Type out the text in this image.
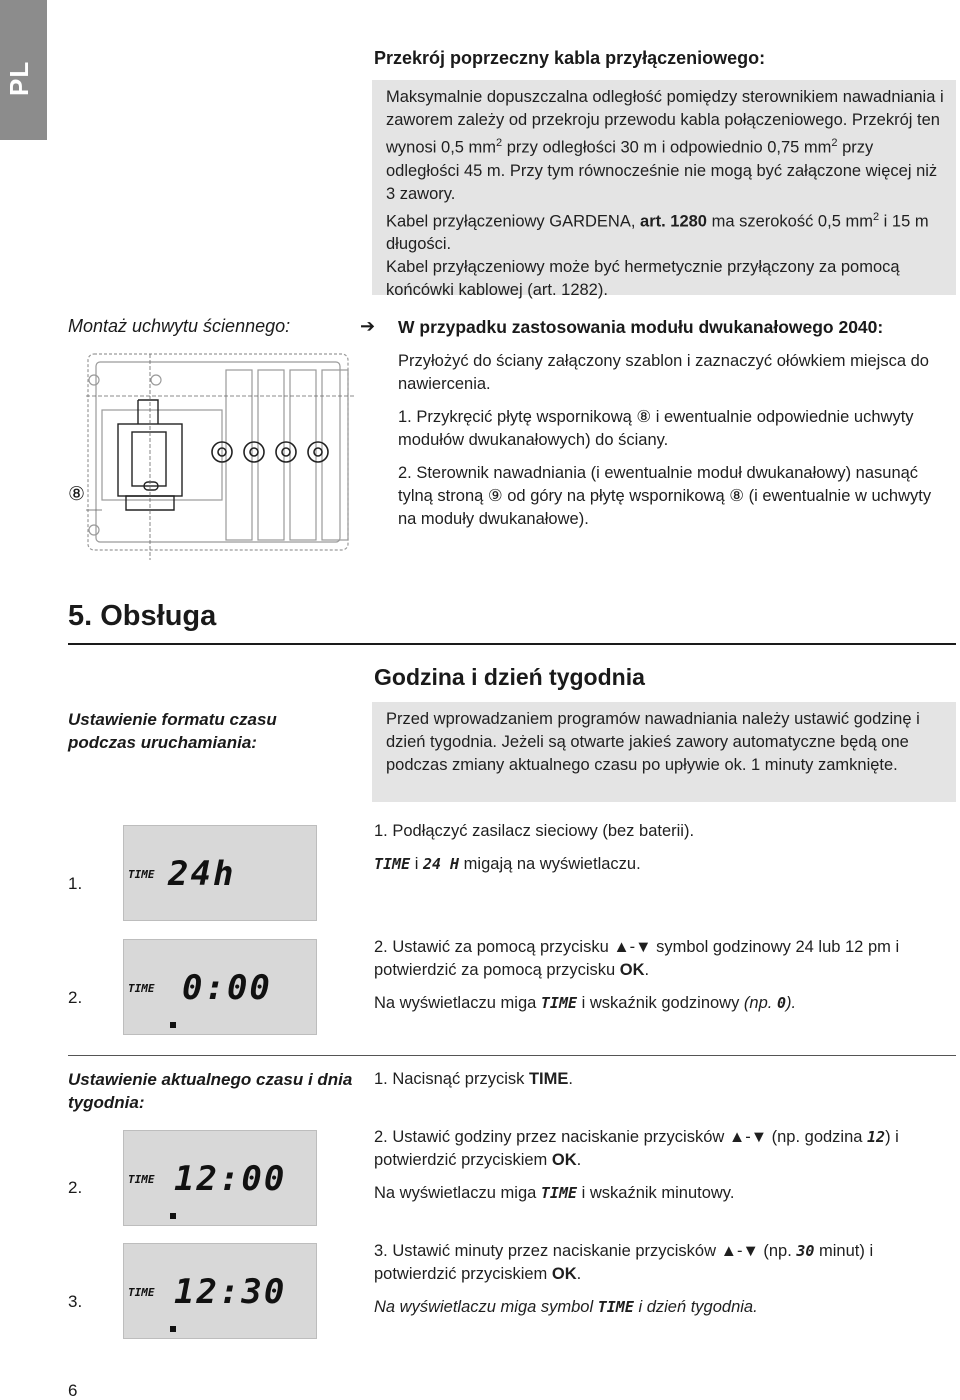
PL
Przekrój poprzeczny kabla przyłączeniowego:

Maksymalnie dopuszczalna odległość pomiędzy sterownikiem nawadniania i zaworem zależy od przekroju przewodu kabla połączeniowego. Przekrój ten wynosi 0,5 $mm^2$ przy odległości 30 m i odpowiednio 0,75 $mm^2$ przy odległości 45 m. Przy tym równocześnie nie mogą być załączone więcej niż 3 zawory.

Kabel przyłączeniowy GARDENA, art. 1280 ma szerokość 0,5 $mm^2$ i 15 m długości.

Kabel przyłączeniowy może być hermetycznie przyłączony za pomocą końcówki kablowej (art. 1282).

Montaż uchwytu ściennego:	➔ W przypadku zastosowania modułu dwukanałowego 2040:

Przyłożyć do ściany załączony szablon i zaznaczyć ołówkiem miejsca do nawiercenia.

1. Przykręcić płytę wspornikową ⑧ i ewentualnie odpowiednie uchwyty modułów dwukanałowych) do ściany.

2. Sterownik nawadniania (i ewentualnie moduł dwukanałowy) nasunąć tylną stroną ⑨ od góry na płytę wspornikową ⑧ (i ewentualnie w uchwyty na moduły dwukanałowe).

⑧
5. Obsługa
Godzina i dzień tygodnia
Ustawienie formatu czasu podczas uruchamiania:
Przed wprowadzaniem programów nawadniania należy ustawić godzinę i dzień tygodnia. Jeżeli są otwarte jakieś zawory automatyczne będą one podczas zmiany aktualnego czasu po upływie ok. 1 minuty zamknięte.

1. Podłączyć zasilacz sieciowy (bez baterii).

TIME i 24 H migają na wyświetlaczu.

2. Ustawić za pomocą przycisku ▲-▼ symbol godzinowy 24 lub 12 pm i potwierdzić za pomocą przycisku OK.

Na wyświetlaczu miga TIME i wskaźnik godzinowy (np. 0).

1.
2.
TIME 24h
TIME 0:00
Ustawienie aktualnego czasu i dnia tygodnia:

1. Nacisnąć przycisk TIME.

2. Ustawić godziny przez naciskanie przycisków ▲-▼ (np. godzina 12) i potwierdzić przyciskiem OK.

Na wyświetlaczu miga TIME i wskaźnik minutowy.

3. Ustawić minuty przez naciskanie przycisków ▲-▼ (np. 30 minut) i potwierdzić przyciskiem OK.

Na wyświetlaczu miga symbol TIME i dzień tygodnia.

2.
3.
TIME 12:00
TIME 12:30
6
